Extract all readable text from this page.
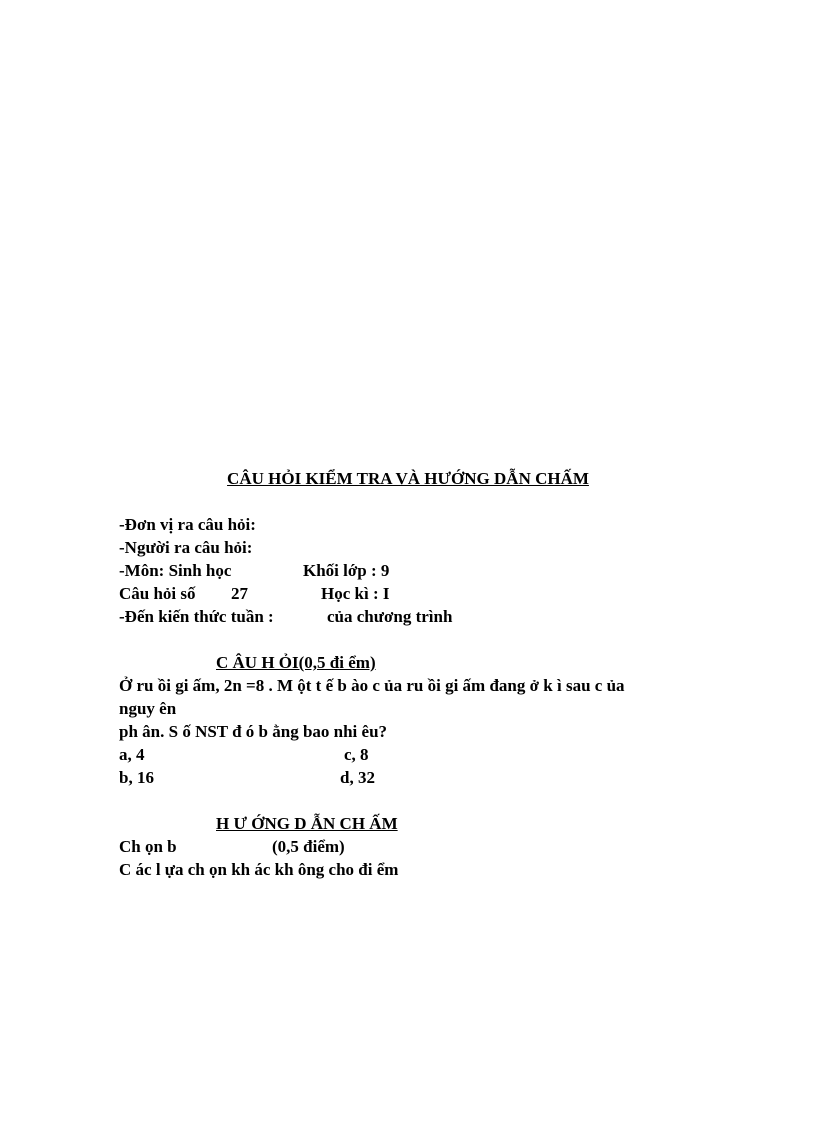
CÂU HỎI KIỂM TRA VÀ HƯỚNG DẪN CHẤM
-Đơn vị ra câu hỏi:
-Người ra câu hỏi:
-Môn: Sinh học	Khối lớp : 9
Câu hỏi số 27	Học kì : I
-Đến kiến thức tuần :	của chương trình
C ÂU H ỎI(0,5 đi ểm)
Ở ru ồi gi ấm, 2n =8 . M ột t ế b ào c ủa ru ồi gi ấm đang ở k ì sau c ủa
nguy ên
ph ân. S ố NST đ ó b ằng bao nhi êu?
a, 4	c, 8
b, 16	d, 32
H Ư ỚNG D ẪN CH ẤM
Ch ọn b	(0,5 điểm)
C ác l ựa ch ọn kh ác kh ông cho đi ểm
